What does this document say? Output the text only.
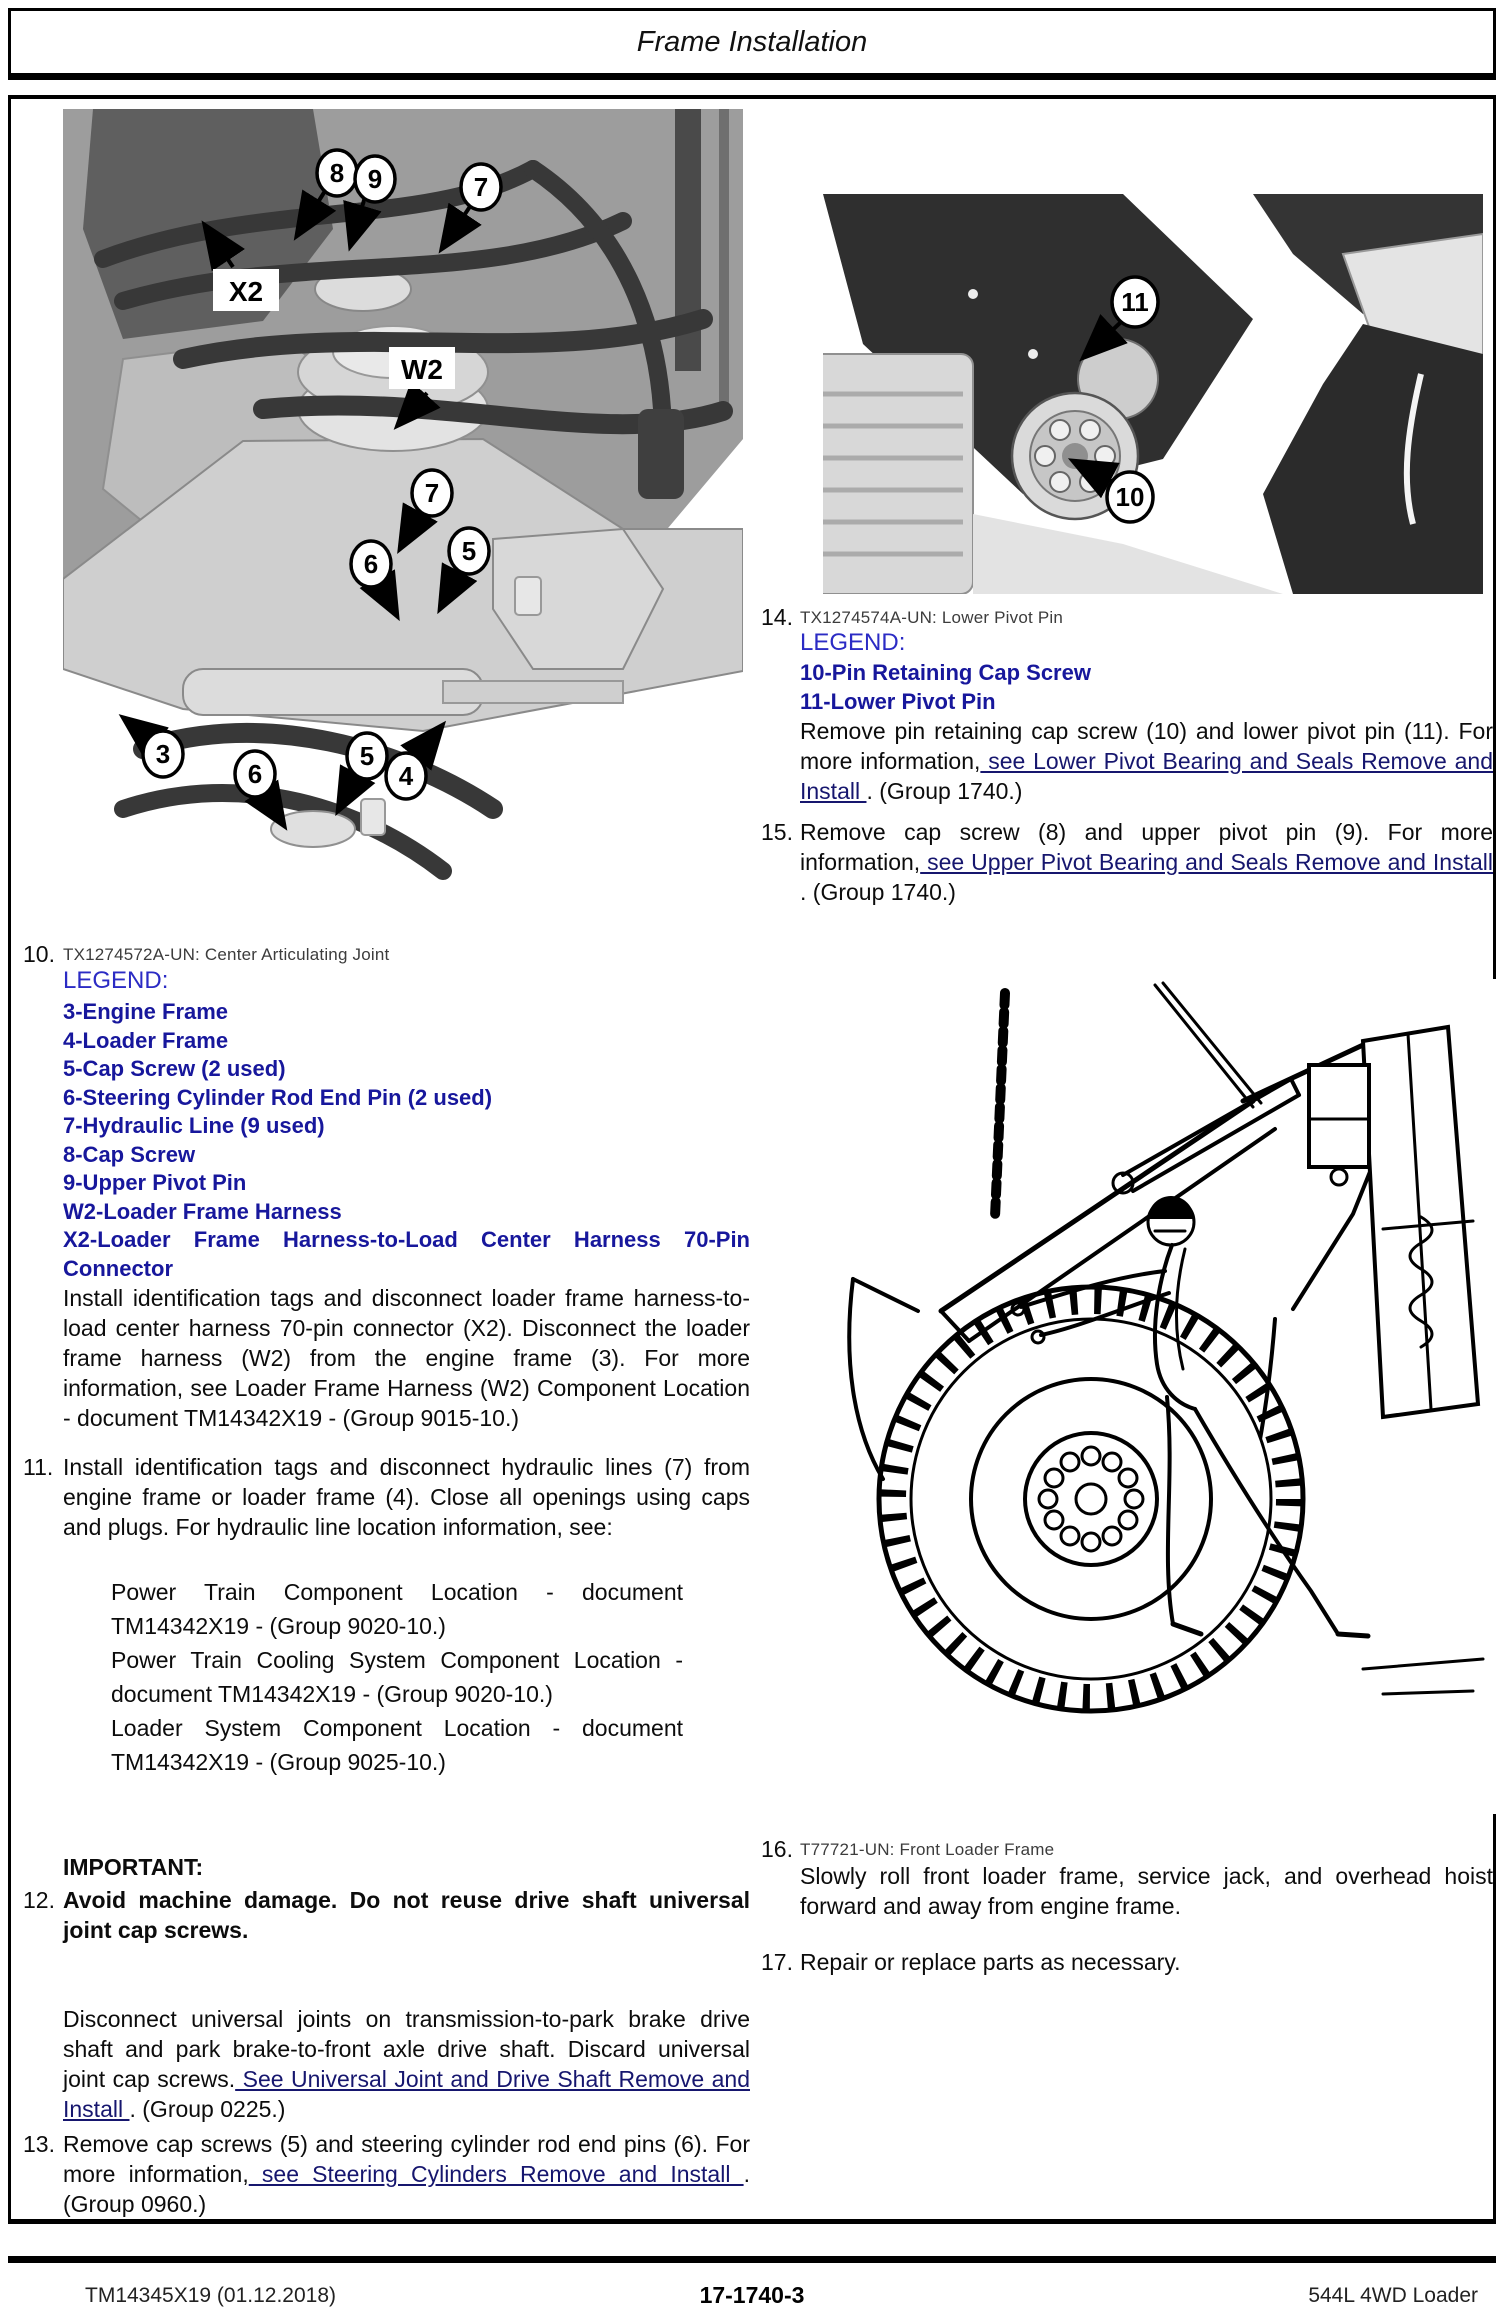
Frame Installation
8 9	7
7
5
6
3
6
5
4
X2
W2
10. TX1274572A-UN: Center Articulating Joint
LEGEND:
3-Engine Frame
4-Loader Frame
5-Cap Screw (2 used)
6-Steering Cylinder Rod End Pin (2 used)
7-Hydraulic Line (9 used)
8-Cap Screw
9-Upper Pivot Pin
W2-Loader Frame Harness
X2-Loader Frame Harness-to-Load Center Harness 70-Pin Connector
Install identification tags and disconnect loader frame harness-to-load center harness 70-pin connector (X2). Disconnect the loader frame harness (W2) from the engine frame (3). For more information, see Loader Frame Harness (W2) Component Location - document TM14342X19 - (Group 9015-10.)
11. Install identification tags and disconnect hydraulic lines (7) from engine frame or loader frame (4). Close all openings using caps and plugs. For hydraulic line location information, see:
Power Train Component Location - document TM14342X19 - (Group 9020-10.)
Power Train Cooling System Component Location - document TM14342X19 - (Group 9020-10.)
Loader System Component Location - document TM14342X19 - (Group 9025-10.)
IMPORTANT:
12. Avoid machine damage. Do not reuse drive shaft universal joint cap screws.
Disconnect universal joints on transmission-to-park brake drive shaft and park brake-to-front axle drive shaft. Discard universal joint cap screws. See Universal Joint and Drive Shaft Remove and Install . (Group 0225.)
13. Remove cap screws (5) and steering cylinder rod end pins (6). For more information, see Steering Cylinders Remove and Install . (Group 0960.)
11
10
14. TX1274574A-UN: Lower Pivot Pin
LEGEND:
10-Pin Retaining Cap Screw
11-Lower Pivot Pin
Remove pin retaining cap screw (10) and lower pivot pin (11). For more information, see Lower Pivot Bearing and Seals Remove and Install . (Group 1740.)
15. Remove cap screw (8) and upper pivot pin (9). For more information, see Upper Pivot Bearing and Seals Remove and Install . (Group 1740.)
16. T77721-UN: Front Loader Frame
Slowly roll front loader frame, service jack, and overhead hoist forward and away from engine frame.
17. Repair or replace parts as necessary.
17-1740-3
TM14345X19 (01.12.2018)	544L 4WD Loader
